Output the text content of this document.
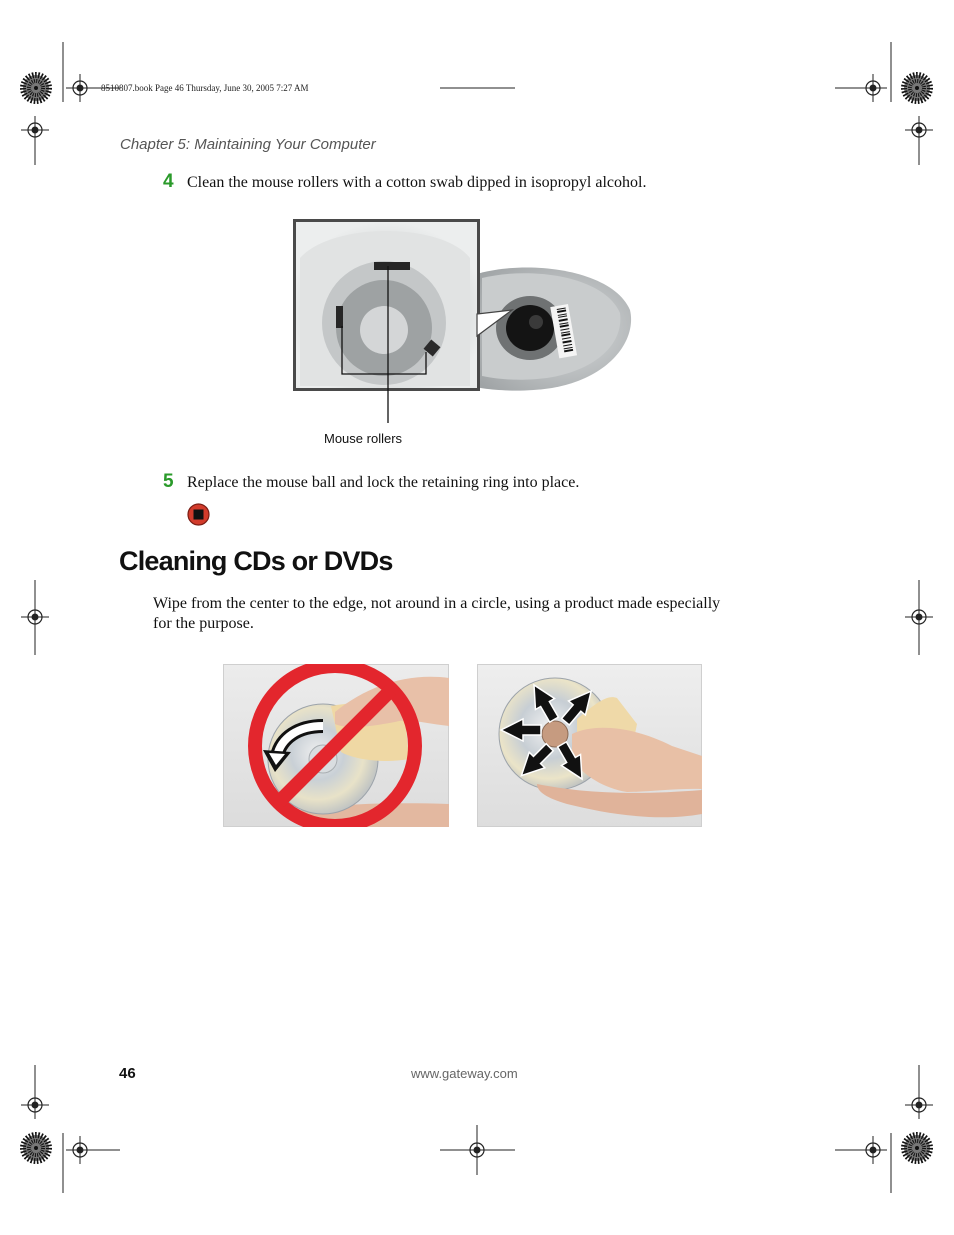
8510807.book Page 46 Thursday, June 30, 2005 7:27 AM
Chapter 5: Maintaining Your Computer
4 Clean the mouse rollers with a cotton swab dipped in isopropyl alcohol.
Mouse rollers
5 Replace the mouse ball and lock the retaining ring into place.
Cleaning CDs or DVDs
Wipe from the center to the edge, not around in a circle, using a product made especially
for the purpose.
46	www.gateway.com
